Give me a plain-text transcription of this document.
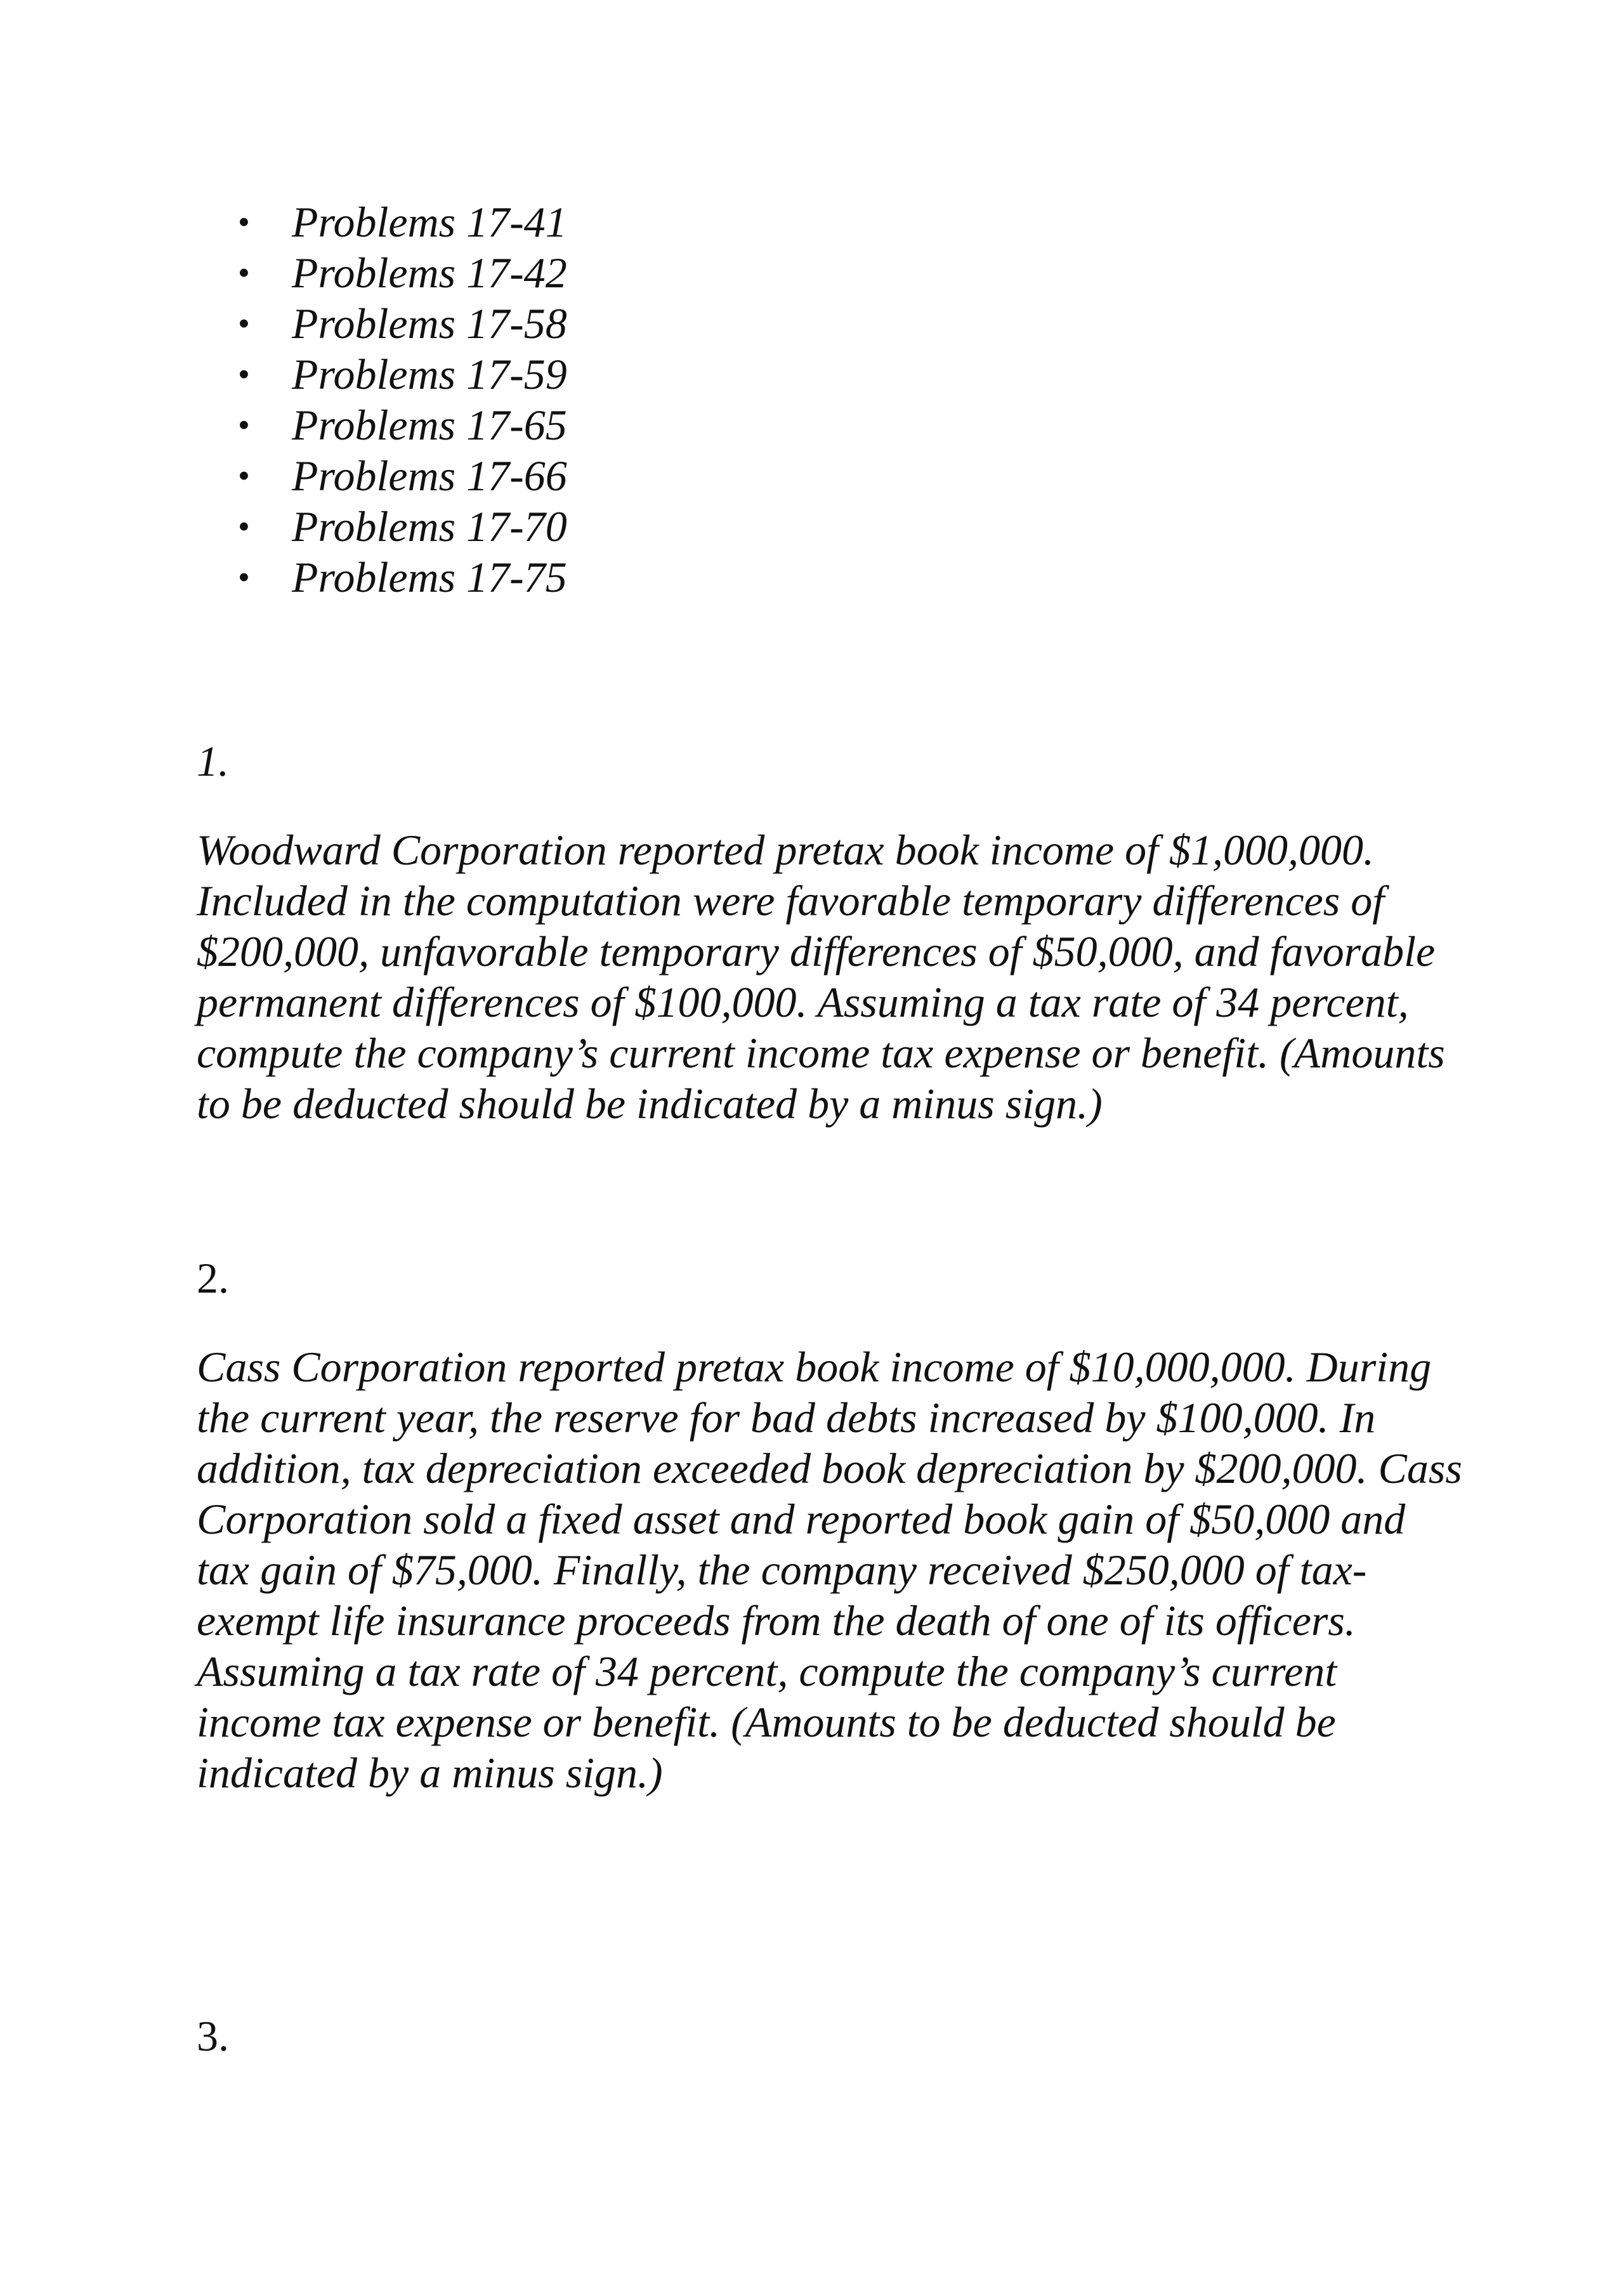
• Problems 17-41
• Problems 17-42
• Problems 17-58
• Problems 17-59
• Problems 17-65
• Problems 17-66
• Problems 17-70
• Problems 17-75
1.

Woodward Corporation reported pretax book income of $1,000,000. Included in the computation were favorable temporary differences of $200,000, unfavorable temporary differences of $50,000, and favorable permanent differences of $100,000. Assuming a tax rate of 34 percent, compute the company’s current income tax expense or benefit. (Amounts to be deducted should be indicated by a minus sign.)

2.

Cass Corporation reported pretax book income of $10,000,000. During the current year, the reserve for bad debts increased by $100,000. In addition, tax depreciation exceeded book depreciation by $200,000. Cass Corporation sold a fixed asset and reported book gain of $50,000 and tax gain of $75,000. Finally, the company received $250,000 of tax-exempt life insurance proceeds from the death of one of its officers. Assuming a tax rate of 34 percent, compute the company’s current income tax expense or benefit. (Amounts to be deducted should be indicated by a minus sign.)

3.
